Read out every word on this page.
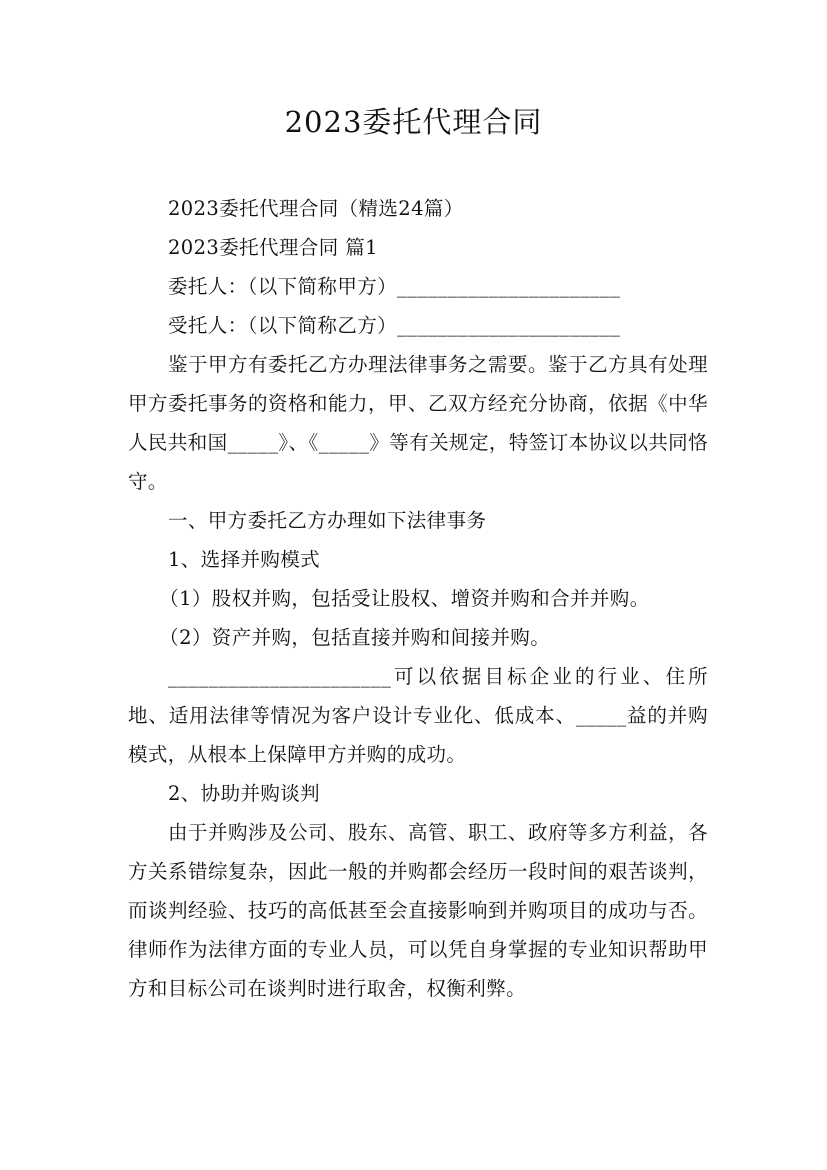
2023委托代理合同

2023委托代理合同（精选24篇）

2023委托代理合同 篇1

委托人：（以下简称甲方）______________________

受托人：（以下简称乙方）______________________

鉴于甲方有委托乙方办理法律事务之需要。鉴于乙方具有处理甲方委托事务的资格和能力，甲、乙双方经充分协商，依据《中华人民共和国_____》、《_____》等有关规定，特签订本协议以共同恪守。

一、甲方委托乙方办理如下法律事务

1、选择并购模式

（1）股权并购，包括受让股权、增资并购和合并并购。

（2）资产并购，包括直接并购和间接并购。

______________________可以依据目标企业的行业、住所地、适用法律等情况为客户设计专业化、低成本、_____益的并购模式，从根本上保障甲方并购的成功。

2、协助并购谈判

由于并购涉及公司、股东、高管、职工、政府等多方利益，各方关系错综复杂，因此一般的并购都会经历一段时间的艰苦谈判，而谈判经验、技巧的高低甚至会直接影响到并购项目的成功与否。律师作为法律方面的专业人员，可以凭自身掌握的专业知识帮助甲方和目标公司在谈判时进行取舍，权衡利弊。
